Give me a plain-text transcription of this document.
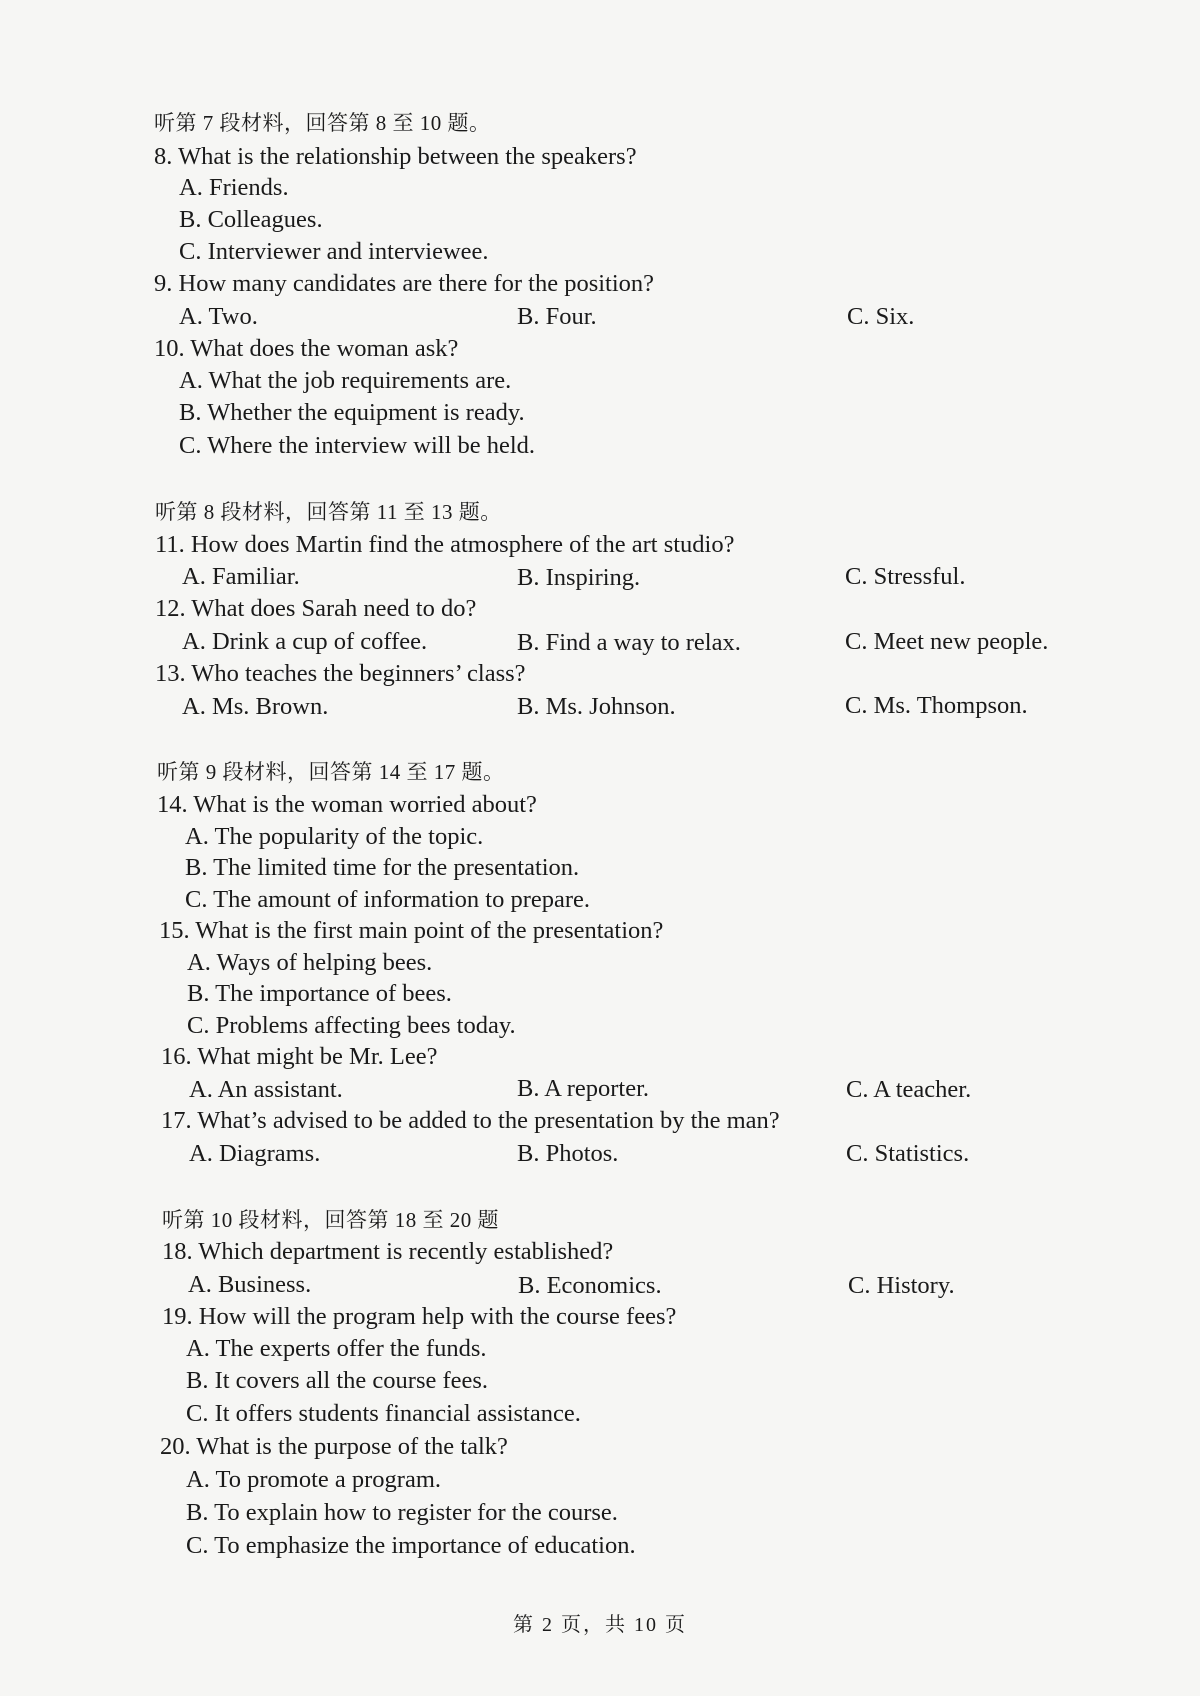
听第 7 段材料，回答第 8 至 10 题。
8. What is the relationship between the speakers?
A. Friends.
B. Colleagues.
C. Interviewer and interviewee.
9. How many candidates are there for the position?
A. Two.	B. Four.	C. Six.
10. What does the woman ask?
A. What the job requirements are.
B. Whether the equipment is ready.
C. Where the interview will be held.
听第 8 段材料，回答第 11 至 13 题。
11. How does Martin find the atmosphere of the art studio?
A. Familiar.	B. Inspiring.	C. Stressful.
12. What does Sarah need to do?
A. Drink a cup of coffee.	B. Find a way to relax.	C. Meet new people.
13. Who teaches the beginners’ class?
A. Ms. Brown.	B. Ms. Johnson.	C. Ms. Thompson.
听第 9 段材料，回答第 14 至 17 题。
14. What is the woman worried about?
A. The popularity of the topic.
B. The limited time for the presentation.
C. The amount of information to prepare.
15. What is the first main point of the presentation?
A. Ways of helping bees.
B. The importance of bees.
C. Problems affecting bees today.
16. What might be Mr. Lee?
A. An assistant.	B. A reporter.	C. A teacher.
17. What’s advised to be added to the presentation by the man?
A. Diagrams.	B. Photos.	C. Statistics.
听第 10 段材料，回答第 18 至 20 题
18. Which department is recently established?
A. Business.	B. Economics.	C. History.
19. How will the program help with the course fees?
A. The experts offer the funds.
B. It covers all the course fees.
C. It offers students financial assistance.
20. What is the purpose of the talk?
A. To promote a program.
B. To explain how to register for the course.
C. To emphasize the importance of education.
第 2 页，共 10 页
